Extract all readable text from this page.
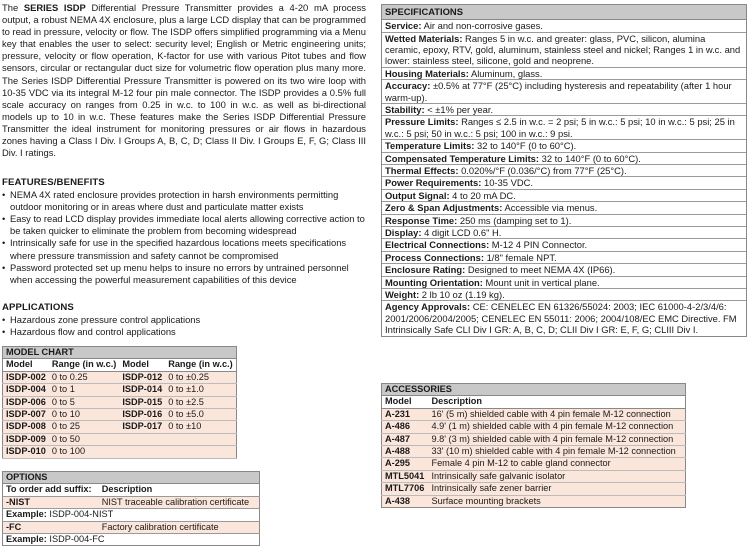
The SERIES ISDP Differential Pressure Transmitter provides a 4-20 mA process output, a robust NEMA 4X enclosure, plus a large LCD display that can be programmed to read in pressure, velocity or flow. The ISDP offers simplified programming via a Menu key that enables the user to select: security level; English or Metric engineering units; pressure, velocity or flow operation, K-factor for use with various Pitot tubes and flow sensors, circular or rectangular duct size for volumetric flow operation plus many more. The Series ISDP Differential Pressure Transmitter is powered on its two wire loop with 10-35 VDC via its integral M-12 four pin male connector. The ISDP provides a 0.5% full scale accuracy on ranges from 0.25 in w.c. to 100 in w.c. as well as bi-directional models up to 10 in w.c. These features make the Series ISDP Differential Pressure Transmitter the ideal instrument for monitoring pressures or air flows in hazardous zones having a Class I Div. I Groups A, B, C, D; Class II Div. I Groups E, F, G; Class III Div. I ratings.

FEATURES/BENEFITS
• NEMA 4X rated enclosure provides protection in harsh environments permitting outdoor monitoring or in areas where dust and particulate matter exists
• Easy to read LCD display provides immediate local alerts allowing corrective action to be taken quicker to eliminate the problem from becoming widespread
• Intrinsically safe for use in the specified hazardous locations meets specifications where pressure transmission and safety cannot be compromised
• Password protected set up menu helps to insure no errors by untrained personnel when accessing the powerful measurement capabilities of this device
APPLICATIONS
• Hazardous zone pressure control applications
• Hazardous flow and control applications
MODEL CHART			
Model	Range (in w.c.)	Model	Range (in w.c.)
ISDP-002	0 to 0.25	ISDP-012	0 to ±0.25
ISDP-004	0 to 1	ISDP-014	0 to ±1.0
ISDP-006	0 to 5	ISDP-015	0 to ±2.5
ISDP-007	0 to 10	ISDP-016	0 to ±5.0
ISDP-008	0 to 25	ISDP-017	0 to ±10
ISDP-009	0 to 50		
ISDP-010	0 to 100		
OPTIONS	
To order add suffix:	Description
-NIST	NIST traceable calibration certificate
Example: ISDP-004-NIST	
-FC	Factory calibration certificate
Example: ISDP-004-FC	
SPECIFICATIONS
Service: Air and non-corrosive gases.
Wetted Materials: Ranges 5 in w.c. and greater: glass, PVC, silicon, alumina ceramic, epoxy, RTV, gold, aluminum, stainless steel and nickel; Ranges 1 in w.c. and lower: stainless steel, silicone, gold and neoprene.
Housing Materials: Aluminum, glass.
Accuracy: ±0.5% at 77°F (25°C) including hysteresis and repeatability (after 1 hour warm-up).
Stability: < ±1% per year.
Pressure Limits: Ranges ≤ 2.5 in w.c. = 2 psi; 5 in w.c.: 5 psi; 10 in w.c.: 5 psi; 25 in w.c.: 5 psi; 50 in w.c.: 5 psi; 100 in w.c.: 9 psi.
Temperature Limits: 32 to 140°F (0 to 60°C).
Compensated Temperature Limits: 32 to 140°F (0 to 60°C).
Thermal Effects: 0.020%/°F (0.036/°C) from 77°F (25°C).
Power Requirements: 10-35 VDC.
Output Signal: 4 to 20 mA DC.
Zero & Span Adjustments: Accessible via menus.
Response Time: 250 ms (damping set to 1).
Display: 4 digit LCD 0.6" H.
Electrical Connections: M-12 4 PIN Connector.
Process Connections: 1/8" female NPT.
Enclosure Rating: Designed to meet NEMA 4X (IP66).
Mounting Orientation: Mount unit in vertical plane.
Weight: 2 lb 10 oz (1.19 kg).
Agency Approvals: CE: CENELEC EN 61326/55024: 2003; IEC 61000-4-2/3/4/6: 2001/2006/2004/2005; CENELEC EN 55011: 2006; 2004/108/EC EMC Directive. FM Intrinsically Safe CLI Div I GR: A, B, C, D; CLII Div I GR: E, F, G; CLIII Div I.
ACCESSORIES	
Model	Description
A-231	16' (5 m) shielded cable with 4 pin female M-12 connection
A-486	4.9' (1 m) shielded cable with 4 pin female M-12 connection
A-487	9.8' (3 m) shielded cable with 4 pin female M-12 connection
A-488	33' (10 m) shielded cable with 4 pin female M-12 connection
A-295	Female 4 pin M-12 to cable gland connector
MTL5041	Intrinsically safe galvanic isolator
MTL7706	Intrinsically safe zener barrier
A-438	Surface mounting brackets
